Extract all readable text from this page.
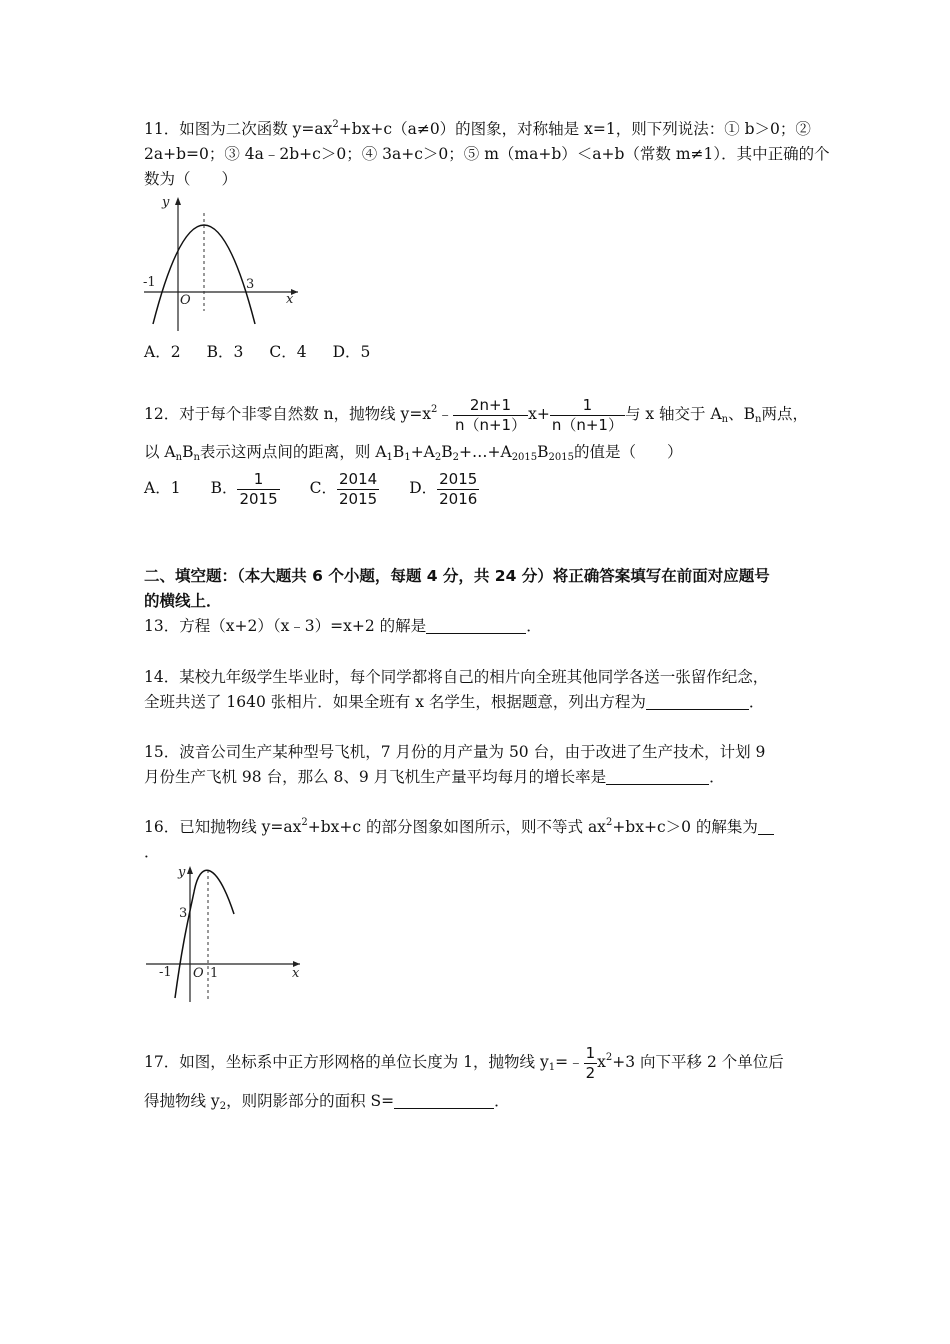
11．如图为二次函数 $y=ax^2+bx+c(a\ne 0)$的图象，对称轴是 x=1，则下列说法：① b＞0；②
2a+b=0；③ 4a﹣2b+c＞0；④ 3a+c＞0；⑤ m（ma+b）＜a+b（常数 m≠1）．其中正确的个
数为（　　）
y
x
O
-1	3
A．2 B．3 C．4 D．5
12．对于每个非零自然数 n，抛物线 $y=x^2﹣ \frac{2n+1}{n(n+1)} x+ \frac{1}{n(n+1)}$ 与 x 轴交于 $A_n$、$B_n$两点，
以 $A_nB_n$表示这两点间的距离，则 $A_1B_1+A_2B_2+\dots+A_{2015}B_{2015}$的值是（　　）
A．1 B． $\frac{1}{2015}$ C． $\frac{2014}{2015}$ D． $\frac{2015}{2016}$
二、填空题：（本大题共 6 个小题，每题 4 分，共 24 分）将正确答案填写在前面对应题号
的横线上．
13．方程（x+2）（x﹣3）=x+2 的解是	．
14．某校九年级学生毕业时，每个同学都将自己的相片向全班其他同学各送一张留作纪念，
全班共送了 1640 张相片．如果全班有 x 名学生，根据题意，列出方程为	．
15．波音公司生产某种型号飞机，7 月份的月产量为 50 台，由于改进了生产技术，计划 9
月份生产飞机 98 台，那么 8、9 月飞机生产量平均每月的增长率是	．
16．已知抛物线 $y=ax^2+bx+c$ 的部分图象如图所示，则不等式 $ax^2+bx+c>0$ 的解集为
．
y
x
O 1
-1
3
17．如图，坐标系中正方形网格的单位长度为 1，抛物线 $y_1=﹣ \frac{1}{2} x^2+3$ 向下平移 2 个单位后
得抛物线 $y_2$，则阴影部分的面积 S=	．
